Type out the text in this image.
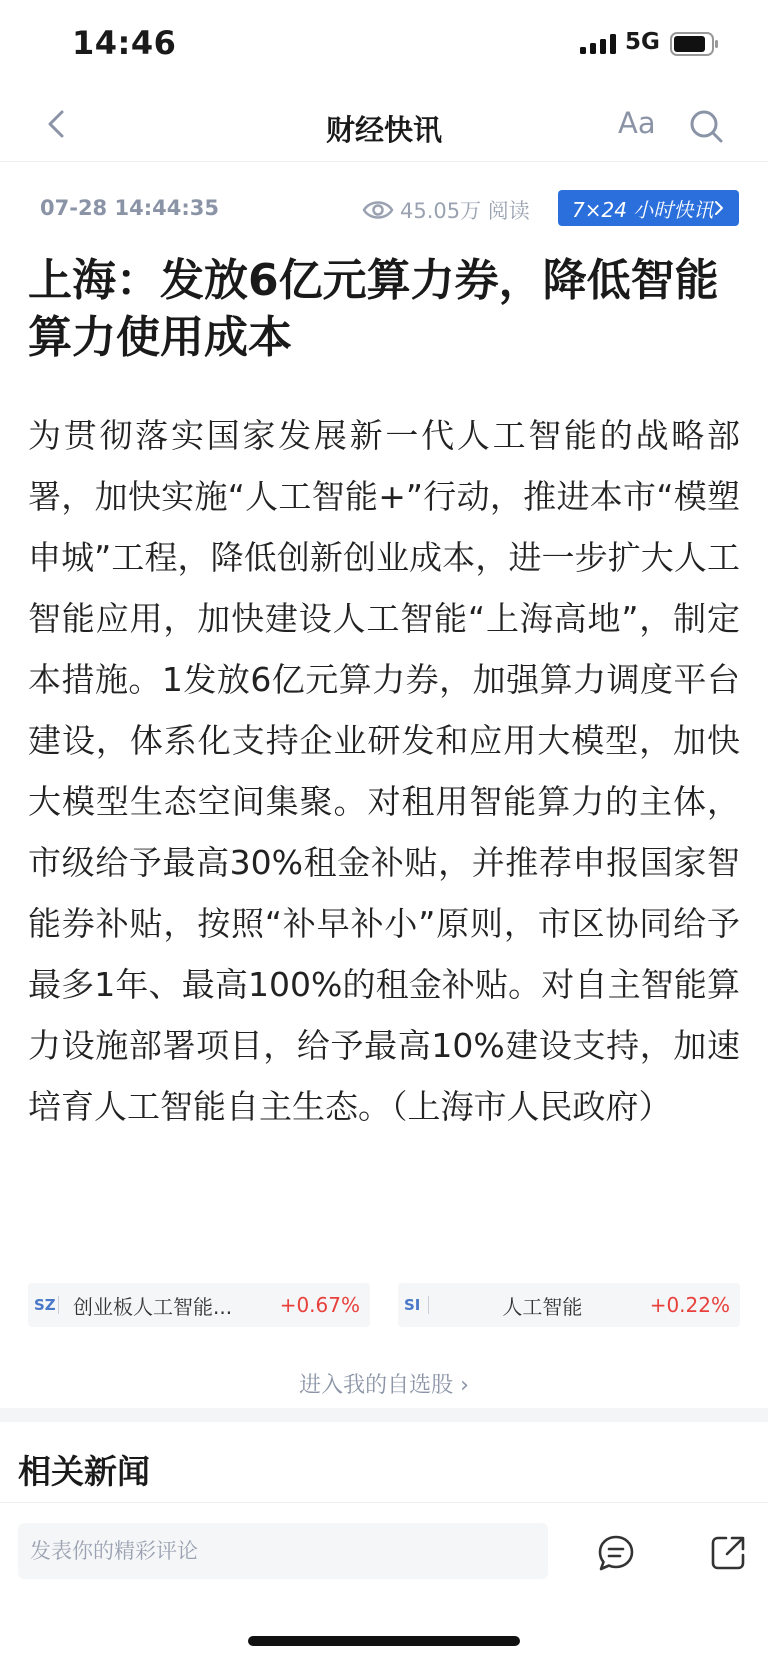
14:46	5G
财经快讯	Aa
07-28 14:44:35	45.05万 阅读 7×24 小时快讯
上海：发放6亿元算力券，降低智能算力使用成本

为贯彻落实国家发展新一代人工智能的战略部署，加快实施“人工智能+”行动，推进本市“模塑申城”工程，降低创新创业成本，进一步扩大人工智能应用，加快建设人工智能“上海高地”，制定本措施。1发放6亿元算力券，加强算力调度平台建设，体系化支持企业研发和应用大模型，加快大模型生态空间集聚。对租用智能算力的主体，市级给予最高30%租金补贴，并推荐申报国家智能券补贴，按照“补早补小”原则，市区协同给予最多1年、最高100%的租金补贴。对自主智能算力设施部署项目，给予最高10%建设支持，加速培育人工智能自主生态。（上海市人民政府）

SZ 创业板人工智能...	+0.67%	SI	人工智能	+0.22%
进入我的自选股 ›
相关新闻
发表你的精彩评论
